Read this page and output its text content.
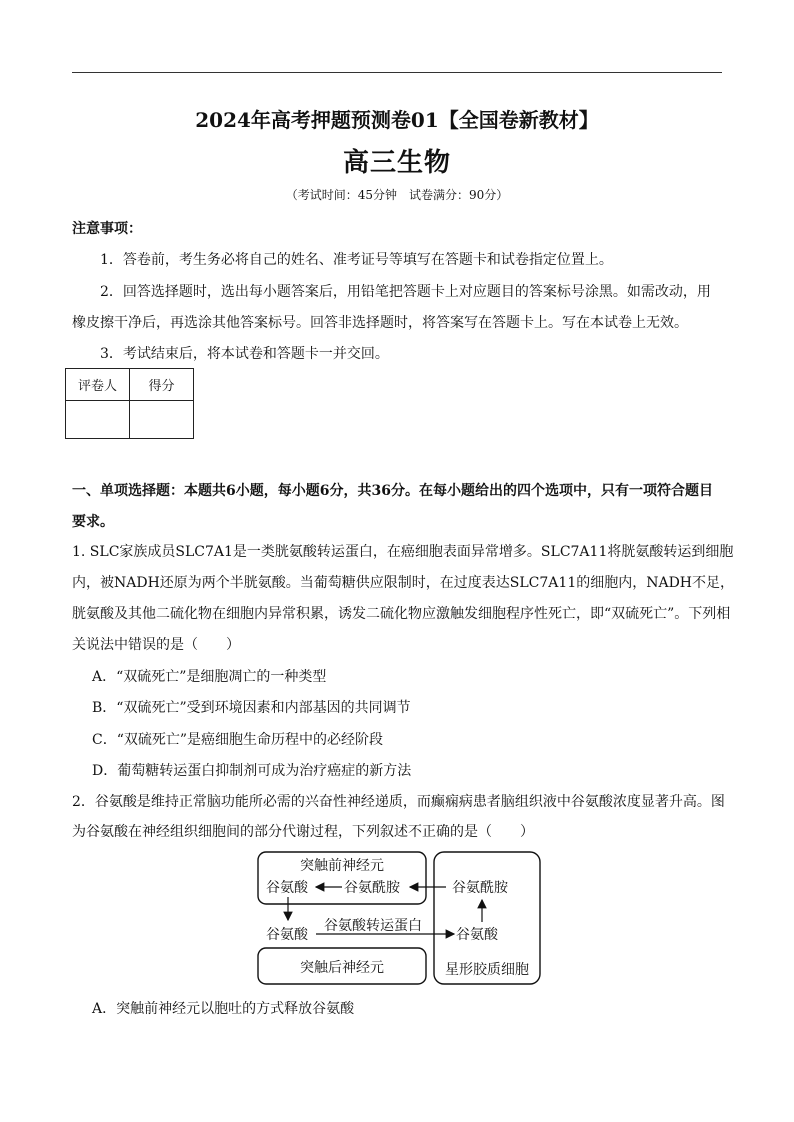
2024年高考押题预测卷01【全国卷新教材】
高三生物
（考试时间：45分钟　试卷满分：90分）
注意事项：
1．答卷前，考生务必将自己的姓名、准考证号等填写在答题卡和试卷指定位置上。
2．回答选择题时，选出每小题答案后，用铅笔把答题卡上对应题目的答案标号涂黑。如需改动，用
橡皮擦干净后，再选涂其他答案标号。回答非选择题时，将答案写在答题卡上。写在本试卷上无效。
3．考试结束后，将本试卷和答题卡一并交回。
评卷人	得分

一、单项选择题：本题共6小题，每小题6分，共36分。在每小题给出的四个选项中，只有一项符合题目
要求。
1. SLC家族成员SLC7A1是一类胱氨酸转运蛋白，在癌细胞表面异常增多。SLC7A11将胱氨酸转运到细胞
内，被NADH还原为两个半胱氨酸。当葡萄糖供应限制时，在过度表达SLC7A11的细胞内，NADH不足，
胱氨酸及其他二硫化物在细胞内异常积累，诱发二硫化物应激触发细胞程序性死亡，即“双硫死亡”。下列相
关说法中错误的是（　　）
A．“双硫死亡”是细胞凋亡的一种类型
B．“双硫死亡”受到环境因素和内部基因的共同调节
C．“双硫死亡”是癌细胞生命历程中的必经阶段
D．葡萄糖转运蛋白抑制剂可成为治疗癌症的新方法
2．谷氨酸是维持正常脑功能所必需的兴奋性神经递质，而癫痫病患者脑组织液中谷氨酸浓度显著升高。图
为谷氨酸在神经组织细胞间的部分代谢过程，下列叙述不正确的是（　　）
突触前神经元
谷氨酸	谷氨酰胺	谷氨酰胺
谷氨酸
谷氨酸转运蛋白
谷氨酸
突触后神经元	星形胶质细胞
A．突触前神经元以胞吐的方式释放谷氨酸
